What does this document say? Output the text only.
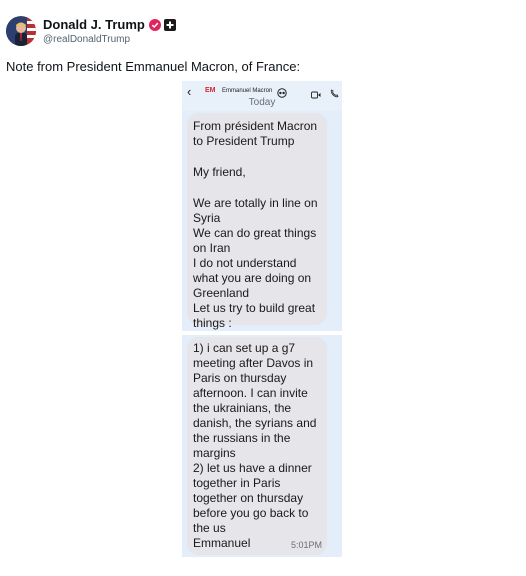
Donald J. Trump
@realDonaldTrump
Note from President Emmanuel Macron, of France:
‹ EM Emmanuel Macron
Today
From président Macron
to President Trump
My friend,
We are totally in line on
Syria
We can do great things
on Iran
I do not understand
what you are doing on
Greenland
Let us try to build great
things :
1) i can set up a g7
meeting after Davos in
Paris on thursday
afternoon. I can invite
the ukrainians, the
danish, the syrians and
the russians in the
margins
2) let us have a dinner
together in Paris
together on thursday
before you go back to
the us
Emmanuel	5:01PM
